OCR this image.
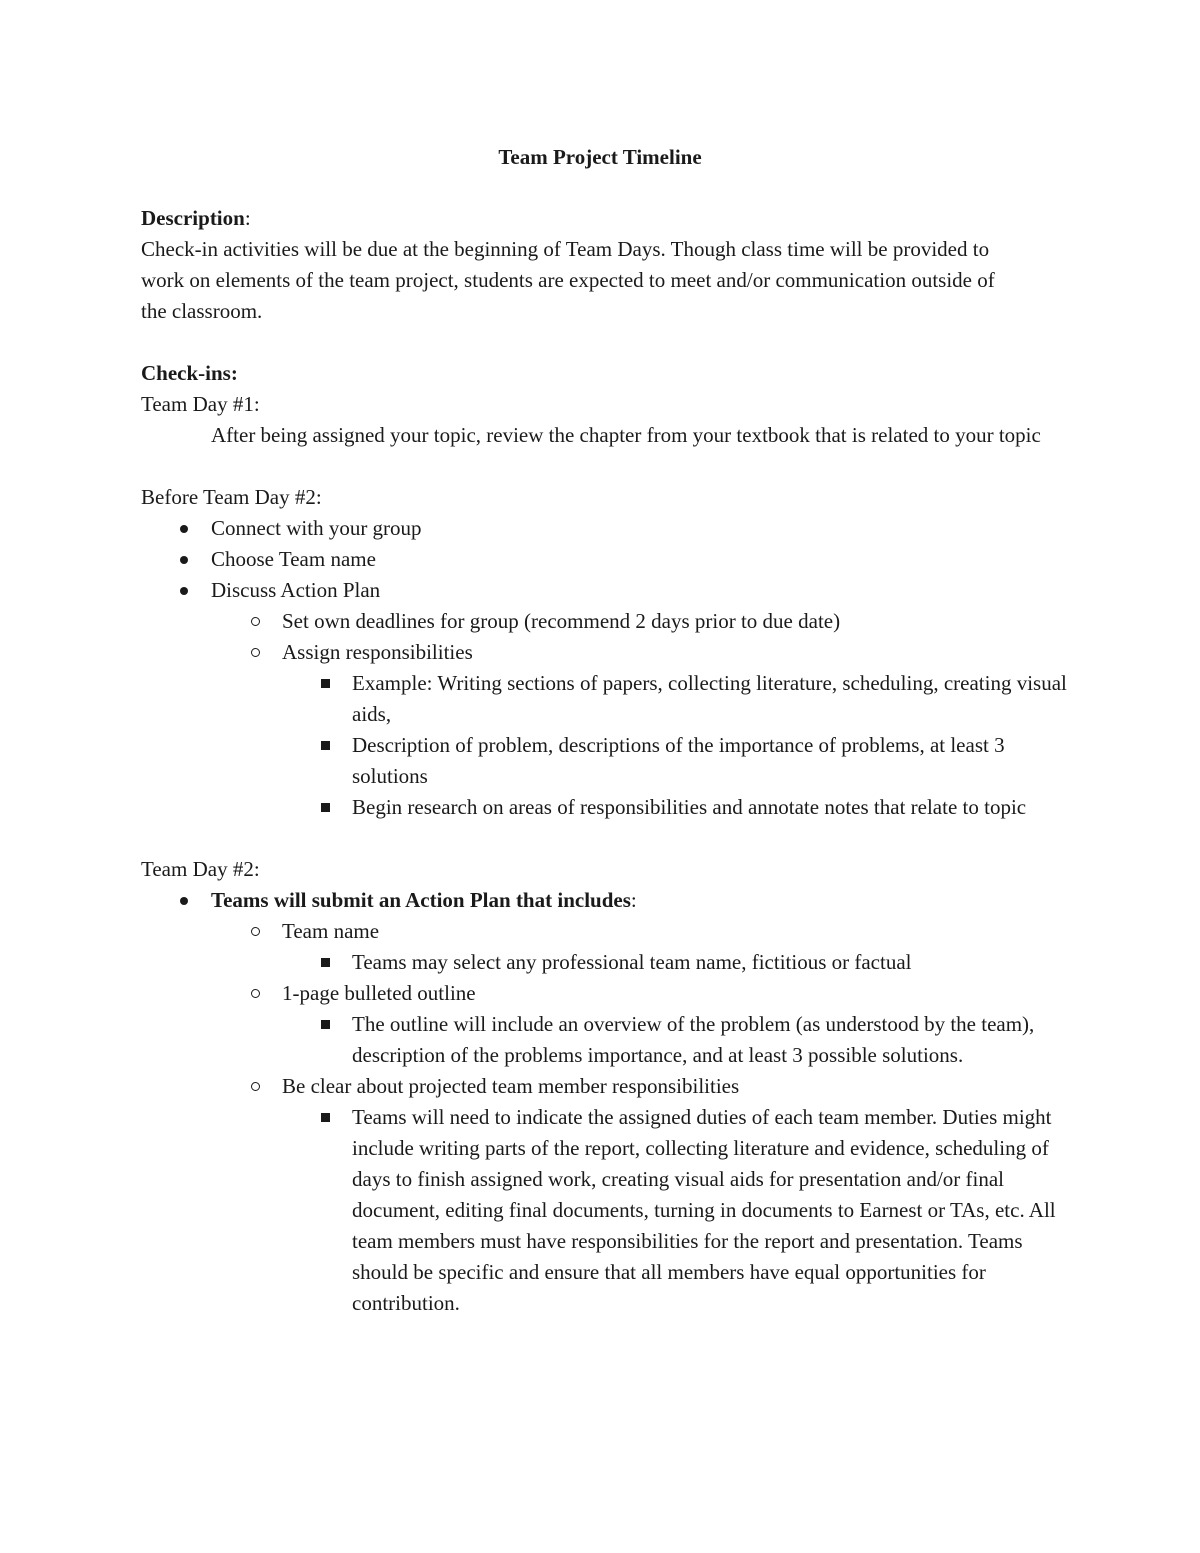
Team Project Timeline

Description:

Check-in activities will be due at the beginning of Team Days. Though class time will be provided to work on elements of the team project, students are expected to meet and/or communication outside of the classroom.

Check-ins:

Team Day #1:

After being assigned your topic, review the chapter from your textbook that is related to your topic

Before Team Day #2:

Connect with your group
Choose Team name
Discuss Action Plan
Set own deadlines for group (recommend 2 days prior to due date)
Assign responsibilities
Example: Writing sections of papers, collecting literature, scheduling, creating visual aids,
Description of problem, descriptions of the importance of problems, at least 3 solutions
Begin research on areas of responsibilities and annotate notes that relate to topic

Team Day #2:

Teams will submit an Action Plan that includes:
Team name
Teams may select any professional team name, fictitious or factual
1-page bulleted outline
The outline will include an overview of the problem (as understood by the team), description of the problems importance, and at least 3 possible solutions.
Be clear about projected team member responsibilities
Teams will need to indicate the assigned duties of each team member. Duties might include writing parts of the report, collecting literature and evidence, scheduling of days to finish assigned work, creating visual aids for presentation and/or final document, editing final documents, turning in documents to Earnest or TAs, etc. All team members must have responsibilities for the report and presentation. Teams should be specific and ensure that all members have equal opportunities for contribution.
